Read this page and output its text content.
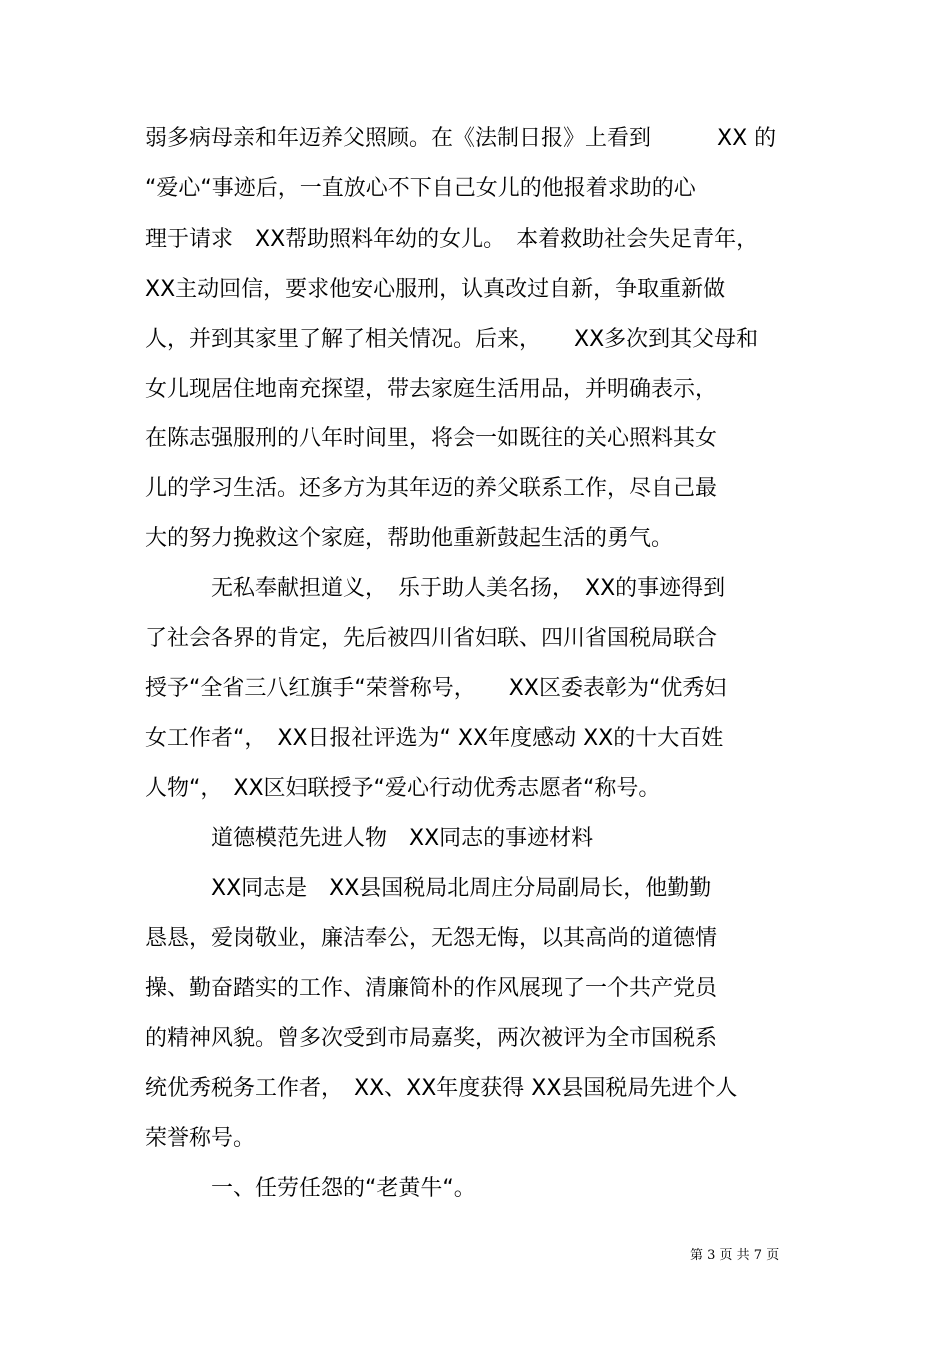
弱多病母亲和年迈养父照顾。在《法制日报》上看到　　　XX 的
“爱心“事迹后，一直放心不下自己女儿的他报着求助的心
理于请求　XX帮助照料年幼的女儿。　本着救助社会失足青年，
XX主动回信，要求他安心服刑，认真改过自新，争取重新做
人，并到其家里了解了相关情况。后来，　　XX多次到其父母和
女儿现居住地南充探望，带去家庭生活用品，并明确表示，
在陈志强服刑的八年时间里，将会一如既往的关心照料其女
儿的学习生活。还多方为其年迈的养父联系工作，尽自己最
大的努力挽救这个家庭，帮助他重新鼓起生活的勇气。
　　　无私奉献担道义，　乐于助人美名扬，　XX的事迹得到
了社会各界的肯定，先后被四川省妇联、四川省国税局联合
授予“全省三八红旗手“荣誉称号，　　XX区委表彰为“优秀妇
女工作者“，　XX日报社评选为“ XX年度感动 XX的十大百姓
人物“，　XX区妇联授予“爱心行动优秀志愿者“称号。
　　　道德模范先进人物　XX同志的事迹材料
　　　XX同志是　XX县国税局北周庄分局副局长，他勤勤
恳恳，爱岗敬业，廉洁奉公，无怨无悔，以其高尚的道德情
操、勤奋踏实的工作、清廉简朴的作风展现了一个共产党员
的精神风貌。曾多次受到市局嘉奖，两次被评为全市国税系
统优秀税务工作者，　XX、XX年度获得 XX县国税局先进个人
荣誉称号。
　　　一、任劳任怨的“老黄牛“。
第 3 页 共 7 页
